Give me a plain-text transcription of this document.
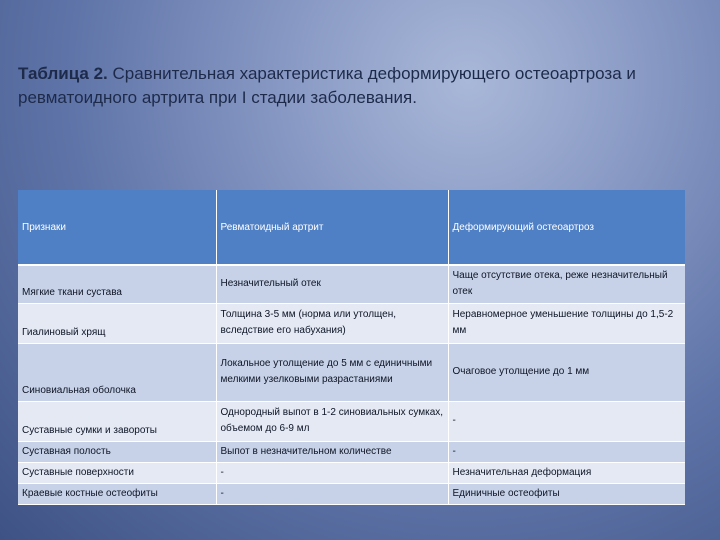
Таблица 2. Сравнительная характеристика деформирующего остеоартроза и ревматоидного артрита при I стадии заболевания.
Признаки	Ревматоидный артрит	Деформирующий остеоартроз
Мягкие ткани сустава	Незначительный отек	Чаще отсутствие отека, реже незначительный отек
Гиалиновый хрящ	Толщина 3-5 мм (норма или утолщен, вследствие его набухания)	Неравномерное уменьшение толщины до 1,5-2 мм
Синовиальная оболочка	Локальное утолщение до 5 мм с единичными мелкими узелковыми разрастаниями	Очаговое утолщение до 1 мм
Суставные сумки и завороты	Однородный выпот в 1-2 синовиальных сумках, объемом до 6-9 мл	-
Суставная полость	Выпот в незначительном количестве	-
Суставные поверхности	-	Незначительная деформация
Краевые костные остеофиты	-	Единичные остеофиты
